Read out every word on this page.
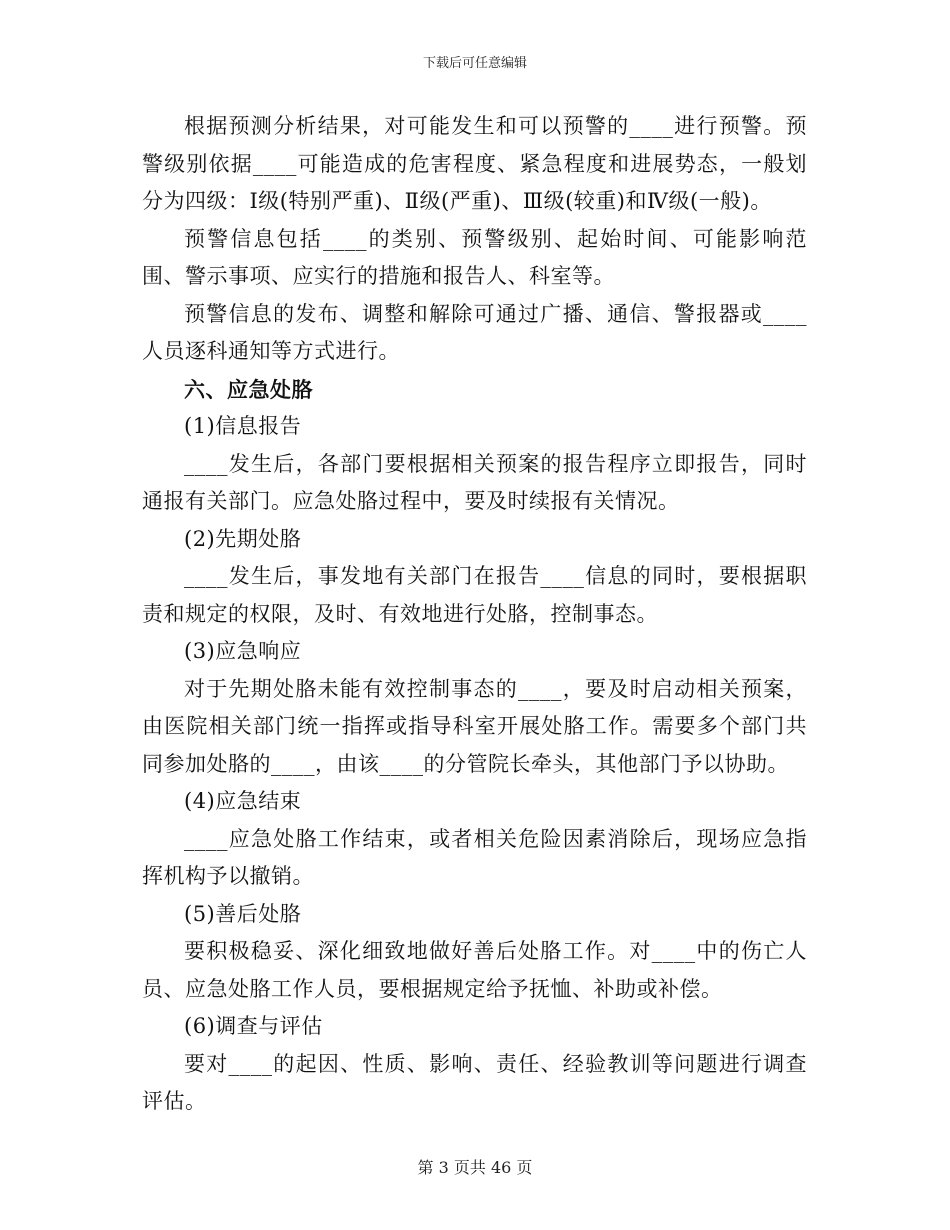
下载后可任意编辑

根据预测分析结果，对可能发生和可以预警的____进行预警。预警级别依据____可能造成的危害程度、紧急程度和进展势态，一般划分为四级：Ⅰ级(特别严重)、Ⅱ级(严重)、Ⅲ级(较重)和Ⅳ级(一般)。

预警信息包括____的类别、预警级别、起始时间、可能影响范围、警示事项、应实行的措施和报告人、科室等。

预警信息的发布、调整和解除可通过广播、通信、警报器或____人员逐科通知等方式进行。

六、应急处胳

(1)信息报告

____发生后，各部门要根据相关预案的报告程序立即报告，同时通报有关部门。应急处胳过程中，要及时续报有关情况。

(2)先期处胳

____发生后，事发地有关部门在报告____信息的同时，要根据职责和规定的权限，及时、有效地进行处胳，控制事态。

(3)应急响应

对于先期处胳未能有效控制事态的____，要及时启动相关预案，由医院相关部门统一指挥或指导科室开展处胳工作。需要多个部门共同参加处胳的____，由该____的分管院长牵头，其他部门予以协助。

(4)应急结束

____应急处胳工作结束，或者相关危险因素消除后，现场应急指挥机构予以撤销。

(5)善后处胳

要积极稳妥、深化细致地做好善后处胳工作。对____中的伤亡人员、应急处胳工作人员，要根据规定给予抚恤、补助或补偿。

(6)调查与评估

要对____的起因、性质、影响、责任、经验教训等问题进行调查评估。

第 3 页共 46 页
